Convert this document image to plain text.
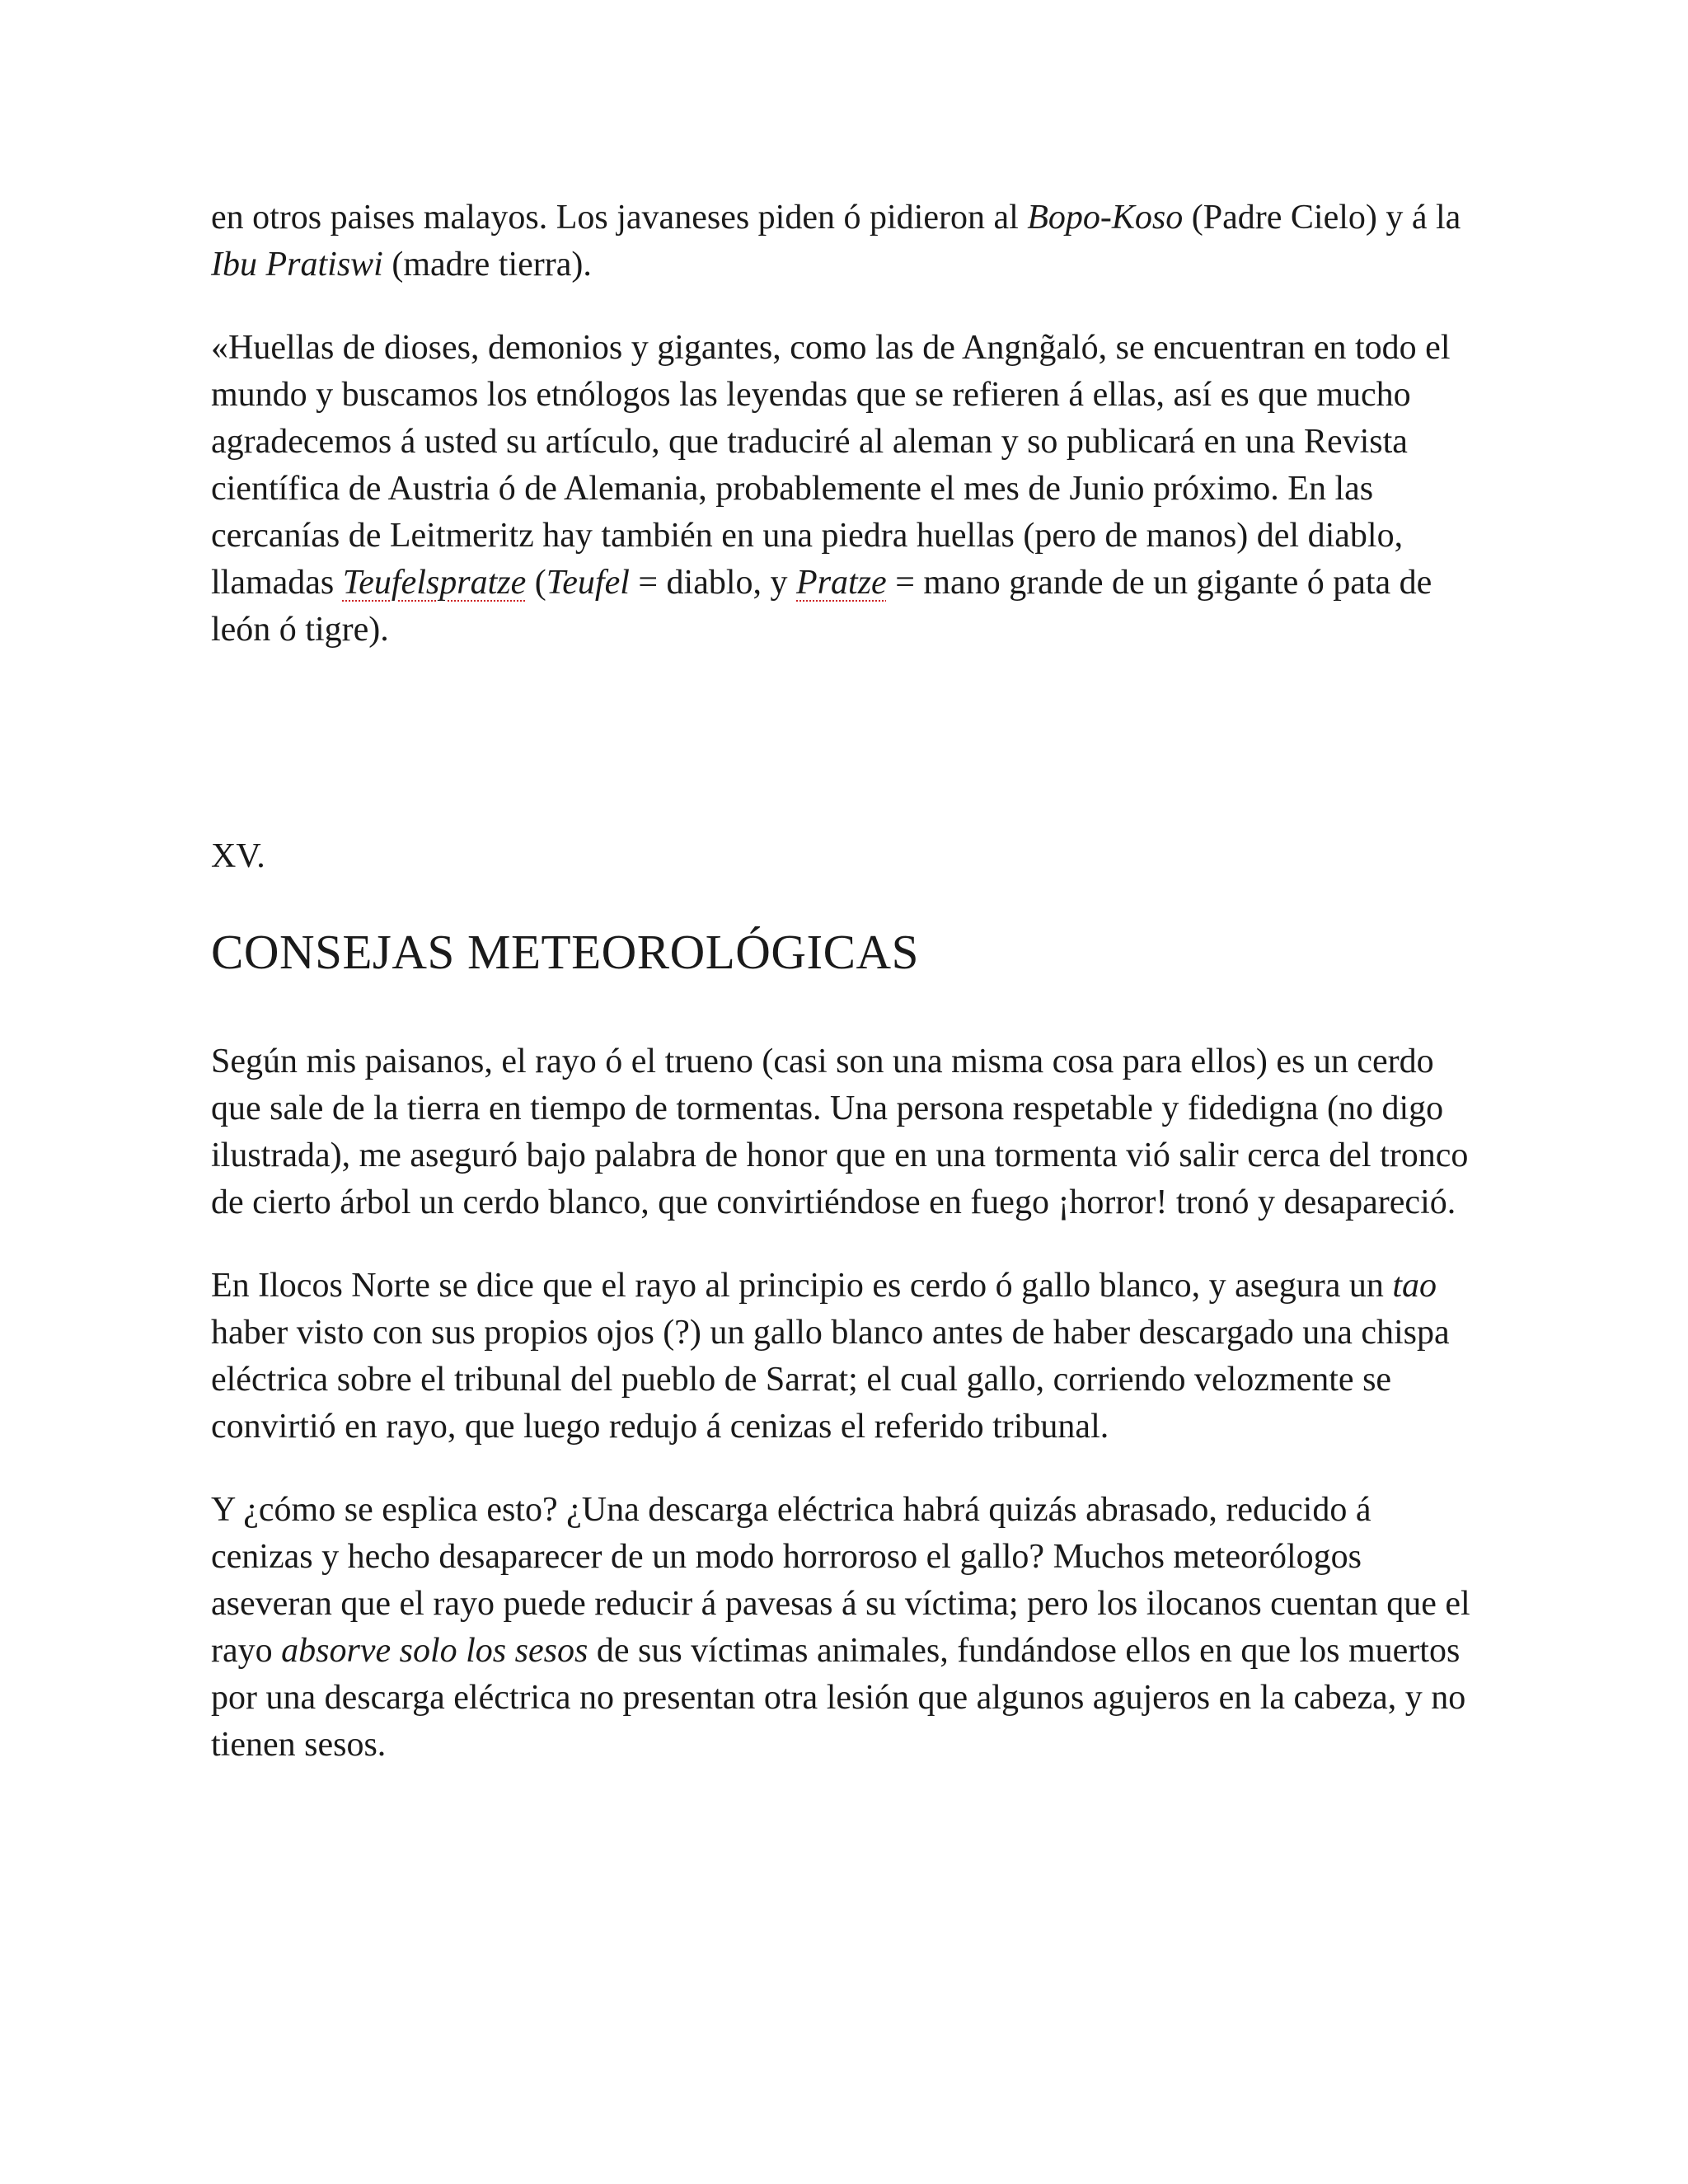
en otros paises malayos. Los javaneses piden ó pidieron al Bopo-Koso (Padre Cielo) y á la Ibu Pratiswi (madre tierra).

«Huellas de dioses, demonios y gigantes, como las de Angng̃aló, se encuentran en todo el mundo y buscamos los etnólogos las leyendas que se refieren á ellas, así es que mucho agradecemos á usted su artículo, que traduciré al aleman y so publicará en una Revista científica de Austria ó de Alemania, probablemente el mes de Junio próximo. En las cercanías de Leitmeritz hay también en una piedra huellas (pero de manos) del diablo, llamadas Teufelspratze (Teufel = diablo, y Pratze = mano grande de un gigante ó pata de león ó tigre).

XV.
CONSEJAS METEOROLÓGICAS

Según mis paisanos, el rayo ó el trueno (casi son una misma cosa para ellos) es un cerdo que sale de la tierra en tiempo de tormentas. Una persona respetable y fidedigna (no digo ilustrada), me aseguró bajo palabra de honor que en una tormenta vió salir cerca del tronco de cierto árbol un cerdo blanco, que convirtiéndose en fuego ¡horror! tronó y desapareció.

En Ilocos Norte se dice que el rayo al principio es cerdo ó gallo blanco, y asegura un tao haber visto con sus propios ojos (?) un gallo blanco antes de haber descargado una chispa eléctrica sobre el tribunal del pueblo de Sarrat; el cual gallo, corriendo velozmente se convirtió en rayo, que luego redujo á cenizas el referido tribunal.

Y ¿cómo se esplica esto? ¿Una descarga eléctrica habrá quizás abrasado, reducido á cenizas y hecho desaparecer de un modo horroroso el gallo? Muchos meteorólogos aseveran que el rayo puede reducir á pavesas á su víctima; pero los ilocanos cuentan que el rayo absorve solo los sesos de sus víctimas animales, fundándose ellos en que los muertos por una descarga eléctrica no presentan otra lesión que algunos agujeros en la cabeza, y no tienen sesos.
